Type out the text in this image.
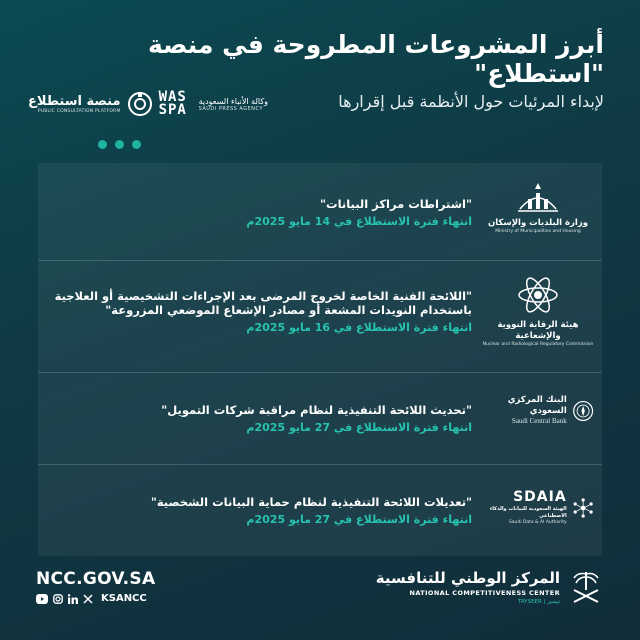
أبرز المشروعات المطروحة في منصة "استطلاع"
لإبداء المرئيات حول الأنظمة قبل إقرارها
منصة استطلاع
PUBLIC CONSULTATION PLATFORM
WAS SPA
وكالة الأنباء السعودية
SAUDI PRESS AGENCY
"اشتراطات مراكز البيانات"
انتهاء فترة الاستطلاع في 14 مايو 2025م وزارة البلديات والإسكان
Ministry of Municipalities and Housing
"اللائحة الفنية الخاصة لخروج المرضى بعد الإجراءات التشخيصية أو العلاجية باستخدام النويدات المشعة أو مصادر الإشعاع الموضعي المزروعة"
انتهاء فترة الاستطلاع في 16 مايو 2025م	هيئة الرقابة النووية والإشعاعية
Nuclear and Radiological Regulatory Commission
"تحديث اللائحة التنفيذية لنظام مراقبة شركات التمويل"
انتهاء فترة الاستطلاع في 27 مايو 2025م
البنك المركزي السعودي
Saudi Central Bank
"تعديلات اللائحة التنفيذية لنظام حماية البيانات الشخصية"
انتهاء فترة الاستطلاع في 27 مايو 2025م
SDAIA
الهيئة السعودية للبيانات والذكاء الاصطناعي
Saudi Data & AI Authority
NCC.GOV.SA
KSANCC
المركز الوطني للتنافسية
NATIONAL COMPETITIVENESS CENTER
TAYSEER | تيسير
